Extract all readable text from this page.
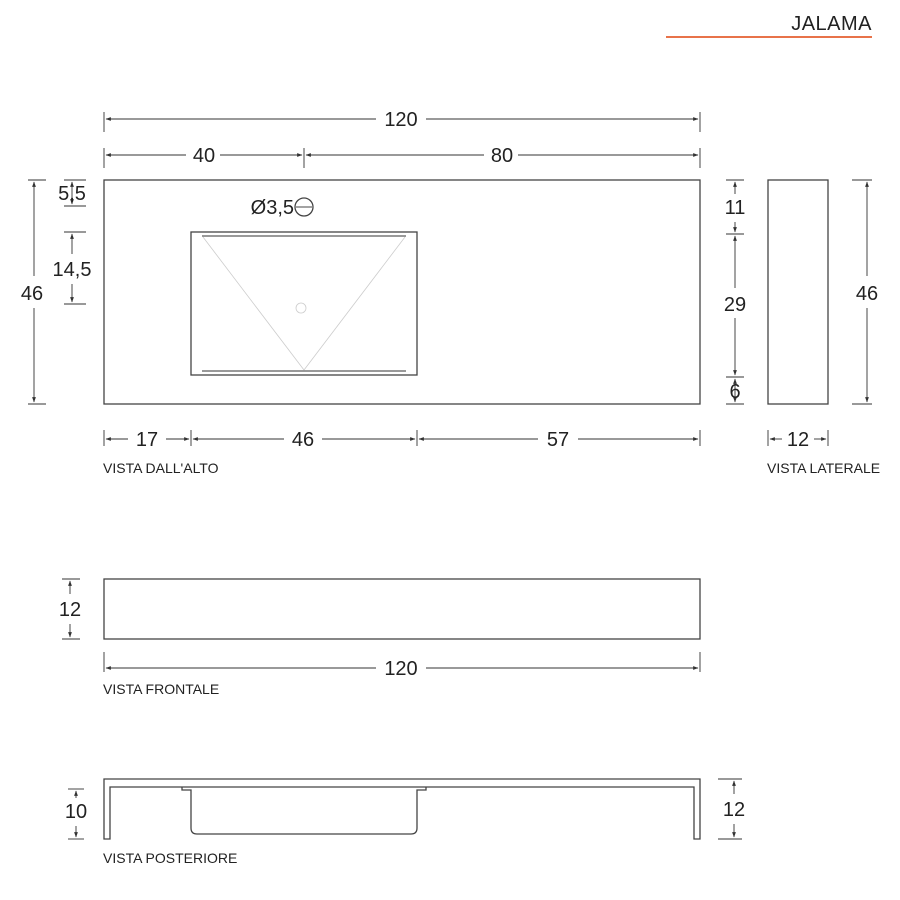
JALAMA
120
40	80
46
5,5
14,5
Ø3,5	11
29
6
17	46	57
VISTA DALL'ALTO
46
12
VISTA LATERALE
12
120
VISTA FRONTALE
10	12
VISTA POSTERIORE
